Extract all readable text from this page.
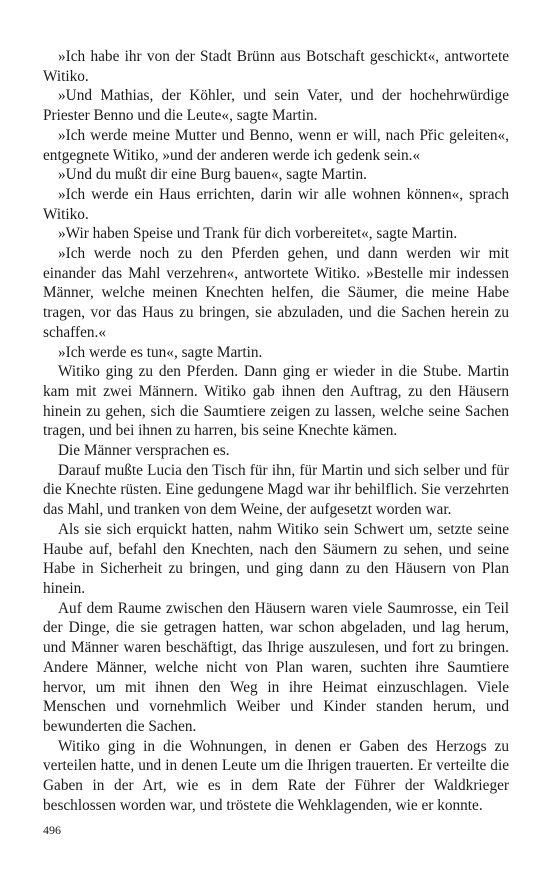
»Ich habe ihr von der Stadt Brünn aus Botschaft geschickt«, antwortete Witiko.

»Und Mathias, der Köhler, und sein Vater, und der hochehrwürdige Priester Benno und die Leute«, sagte Martin.

»Ich werde meine Mutter und Benno, wenn er will, nach Přic geleiten«, entgegnete Witiko, »und der anderen werde ich gedenk sein.«

»Und du mußt dir eine Burg bauen«, sagte Martin.

»Ich werde ein Haus errichten, darin wir alle wohnen können«, sprach Witiko.

»Wir haben Speise und Trank für dich vorbereitet«, sagte Martin.

»Ich werde noch zu den Pferden gehen, und dann werden wir mit einander das Mahl verzehren«, antwortete Witiko. »Bestelle mir indessen Männer, welche meinen Knechten helfen, die Säumer, die meine Habe tragen, vor das Haus zu bringen, sie abzuladen, und die Sachen herein zu schaffen.«

»Ich werde es tun«, sagte Martin.

Witiko ging zu den Pferden. Dann ging er wieder in die Stube. Martin kam mit zwei Männern. Witiko gab ihnen den Auftrag, zu den Häusern hinein zu gehen, sich die Saumtiere zeigen zu lassen, welche seine Sachen tragen, und bei ihnen zu harren, bis seine Knechte kämen.

Die Männer versprachen es.

Darauf mußte Lucia den Tisch für ihn, für Martin und sich selber und für die Knechte rüsten. Eine gedungene Magd war ihr behilflich. Sie verzehrten das Mahl, und tranken von dem Weine, der aufgesetzt worden war.

Als sie sich erquickt hatten, nahm Witiko sein Schwert um, setzte seine Haube auf, befahl den Knechten, nach den Säumern zu sehen, und seine Habe in Sicherheit zu bringen, und ging dann zu den Häusern von Plan hinein.

Auf dem Raume zwischen den Häusern waren viele Saumrosse, ein Teil der Dinge, die sie getragen hatten, war schon abgeladen, und lag herum, und Männer waren beschäftigt, das Ihrige auszulesen, und fort zu bringen. Andere Männer, welche nicht von Plan waren, suchten ihre Saumtiere hervor, um mit ihnen den Weg in ihre Heimat einzuschlagen. Viele Menschen und vornehmlich Weiber und Kinder standen herum, und bewunderten die Sachen.

Witiko ging in die Wohnungen, in denen er Gaben des Herzogs zu verteilen hatte, und in denen Leute um die Ihrigen trauerten. Er verteilte die Gaben in der Art, wie es in dem Rate der Führer der Waldkrieger beschlossen worden war, und tröstete die Wehklagenden, wie er konnte.

496
